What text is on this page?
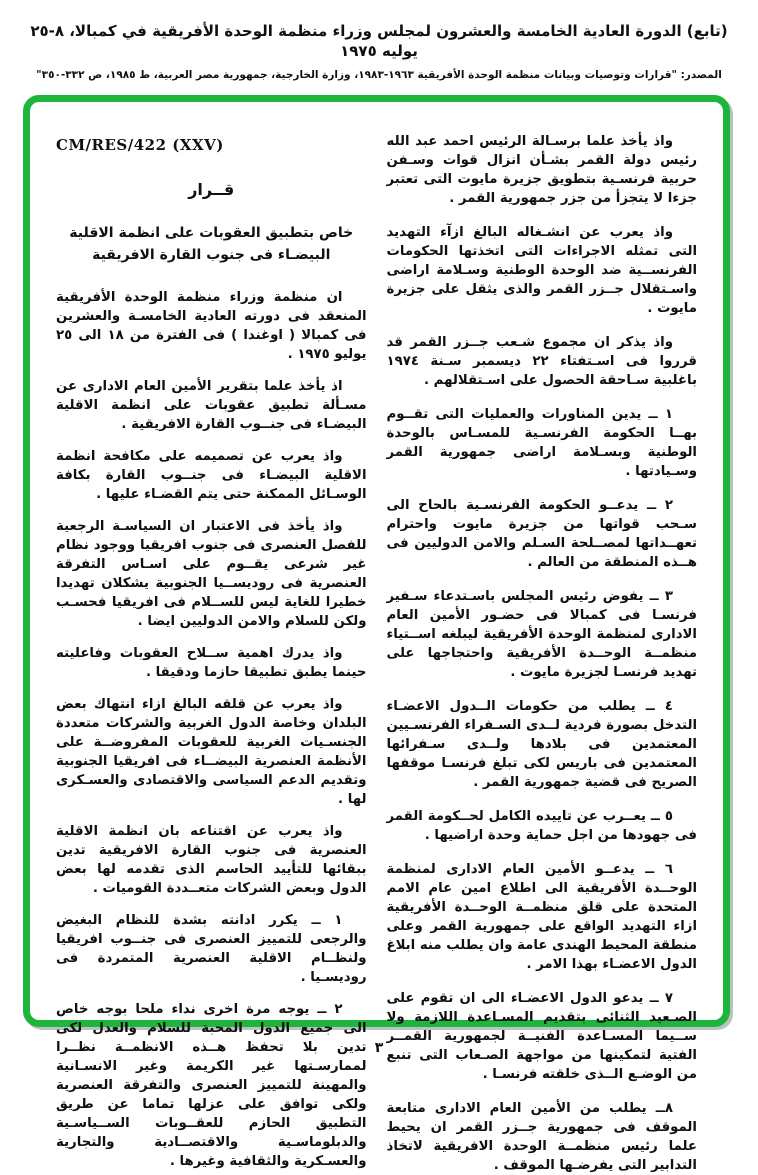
(تابع) الدورة العادية الخامسة والعشرون لمجلس وزراء منظمة الوحدة الأفريقية في كمبالا، ٨-٢٥ يوليه ١٩٧٥
المصدر: "قرارات وتوصيات وبيانات منظمة الوحدة الأفريقية ١٩٦٣-١٩٨٣، وزارة الخارجية، جمهورية مصر العربية، ط ١٩٨٥، ص ٣٣٢-٣٥٠"

واذ يأخذ علما برسـالة الرئيس احمد عبد الله رئيس دولة القمر بشـأن انزال قوات وسـفن حربية فرنسـية بتطويق جزيرة مايوت التى تعتبر جزءا لا يتجزأ من جزر جمهورية القمر .

واذ يعرب عن انشـغاله البالغ ازآء التهديد التى تمثله الاجراءات التى اتخذتها الحكومات الفرنســية ضد الوحدة الوطنية وسـلامة اراضى واسـتقلال جــزر القمر والذى يثقل على جزيرة مايوت .

واذ يذكر ان مجموع شـعب جــزر القمر قد قرروا فى اسـتفتاء ٢٢ ديسمبر سـنة ١٩٧٤ باغلبية سـاحقة الحصول على اسـتقلالهم .

١ ــ يدين المناورات والعمليات التى تقــوم بهــا الحكومة الفرنسـية للمسـاس بالوحدة الوطنية وبسـلامة اراضى جمهورية القمر وسـيادتها .

٢ ــ يدعــو الحكومة الفرنسـية بالحاح الى سـحب قواتها من جزيرة مايوت واحترام تعهــداتها لمصــلحة السـلم والامن الدوليين فى هــذه المنطقة من العالم .

٣ ــ يفوض رئيس المجلس باسـتدعاء سـفير فرنسـا فى كمبالا فى حضـور الأمين العام الادارى لمنظمة الوحدة الأفريقية ليبلغه اســتياء منظمــة الوحــدة الأفريقية واحتجاجها على تهديد فرنسـا لجزيرة مايوت .

٤ ــ يطلب من حكومات الــدول الاعضـاء التدخل بصورة فردية لــدى السـفراء الفرنسـيين المعتمدين فى بلادها ولــدى سـفرائها المعتمدين فى باريس لكى تبلغ فرنسـا موقفها الصريح فى قضية جمهورية القمر .

٥ ــ يعــرب عن تاييده الكامل لحــكومة القمر فى جهودها من اجل حماية وحدة اراضيها .

٦ ــ يدعــو الأمين العام الادارى لمنظمة الوحــدة الأفريقية الى اطلاع امين عام الامم المتحدة على قلق منظمــة الوحــدة الأفريقية ازاء التهديد الواقع على جمهورية القمر وعلى منطقة المحيط الهندى عامة وان يطلب منه ابلاغ الدول الاعضـاء بهذا الامر .

٧ ــ يدعو الدول الاعضـاء الى ان تقوم على الصـعيد الثنائى بتقديم المسـاعدة اللازمة ولا ســيما المسـاعدة الفنيــة لجمهورية القمــر الفتية لتمكينها من مواجهة الصـعاب التى تنبع من الوضـع الــذى خلقته فرنسـا .

٨ــ يطلب من الأمين العام الادارى متابعة الموقف فى جمهورية جــزر القمر ان يحيط علما رئيس منظمــة الوحدة الافريقية لاتخاذ التدابير التى يفرضـها الموقف .

CM/RES/422 (XXV)
قــرار
خاص بتطبيق العقوبات على انظمة الاقلية البيضـاء فى جنوب القارة الافريقية

ان منظمة وزراء منظمة الوحدة الأفريقية المنعقد فى دورته العادية الخامسـة والعشرين فى كمبالا ( اوغندا ) فى الفترة من ١٨ الى ٢٥ يوليو ١٩٧٥ .

اذ يأخذ علما بتقرير الأمين العام الادارى عن مسـألة تطبيق عقوبات على انظمة الاقلية البيضـاء فى جنــوب القارة الافريقية .

واذ يعرب عن تصميمه على مكافحة انظمة الاقلية البيضـاء فى جنــوب القارة بكافة الوسـائل الممكنة حتى يتم القضـاء عليها .

واذ يأخذ فى الاعتبار ان السياسـة الرجعية للفصل العنصرى فى جنوب افريقيا ووجود نظام غير شرعى يقــوم على اسـاس التفرقة العنصرية فى روديســيا الجنوبية يشكلان تهديدا خطيرا للغاية ليس للســلام فى افريقيا فحسـب ولكن للسلام والامن الدوليين ايضا .

واذ يدرك اهمية ســلاح العقوبات وفاعليته حينما يطبق تطبيقا حازما ودقيقا .

واذ يعرب عن قلقه البالغ ازاء انتهاك بعض البلدان وخاصة الدول الغربية والشركات متعددة الجنسـيات الغربية للعقوبات المفروضــة على الأنظمة العنصرية البيضــاء فى افريقيا الجنوبية وتقديم الدعم السياسى والاقتصادى والعسـكرى لها .

واذ يعرب عن اقتناعه بان انظمة الاقلية العنصرية فى جنوب القارة الافريقية تدين ببقائها للتأييد الحاسم الذى تقدمه لها بعض الدول وبعض الشركات متعــددة القوميات .

١ ــ يكرر ادانته بشدة للنظام البغيض والرجعى للتمييز العنصرى فى جنــوب افريقيا ولنظــام الاقلية العنصرية المتمردة فى روديسـيا .

٢ ــ يوجه مرة اخرى نداء ملحا بوجه خاص الى جميع الدول المحبة للسلام والعدل لكى تدين بلا تحفظ هــذه الانظمــة نظــرا لممارسـتها غير الكريمة وغير الانسـانية والمهينة للتمييز العنصرى والتفرقة العنصرية ولكى توافق على عزلها تماما عن طريق التطبيق الحازم للعقــوبات الســياسـية والدبلوماسـية والاقتصــادية والتجارية والعسـكرية والثقافية وغيرها .

٣
